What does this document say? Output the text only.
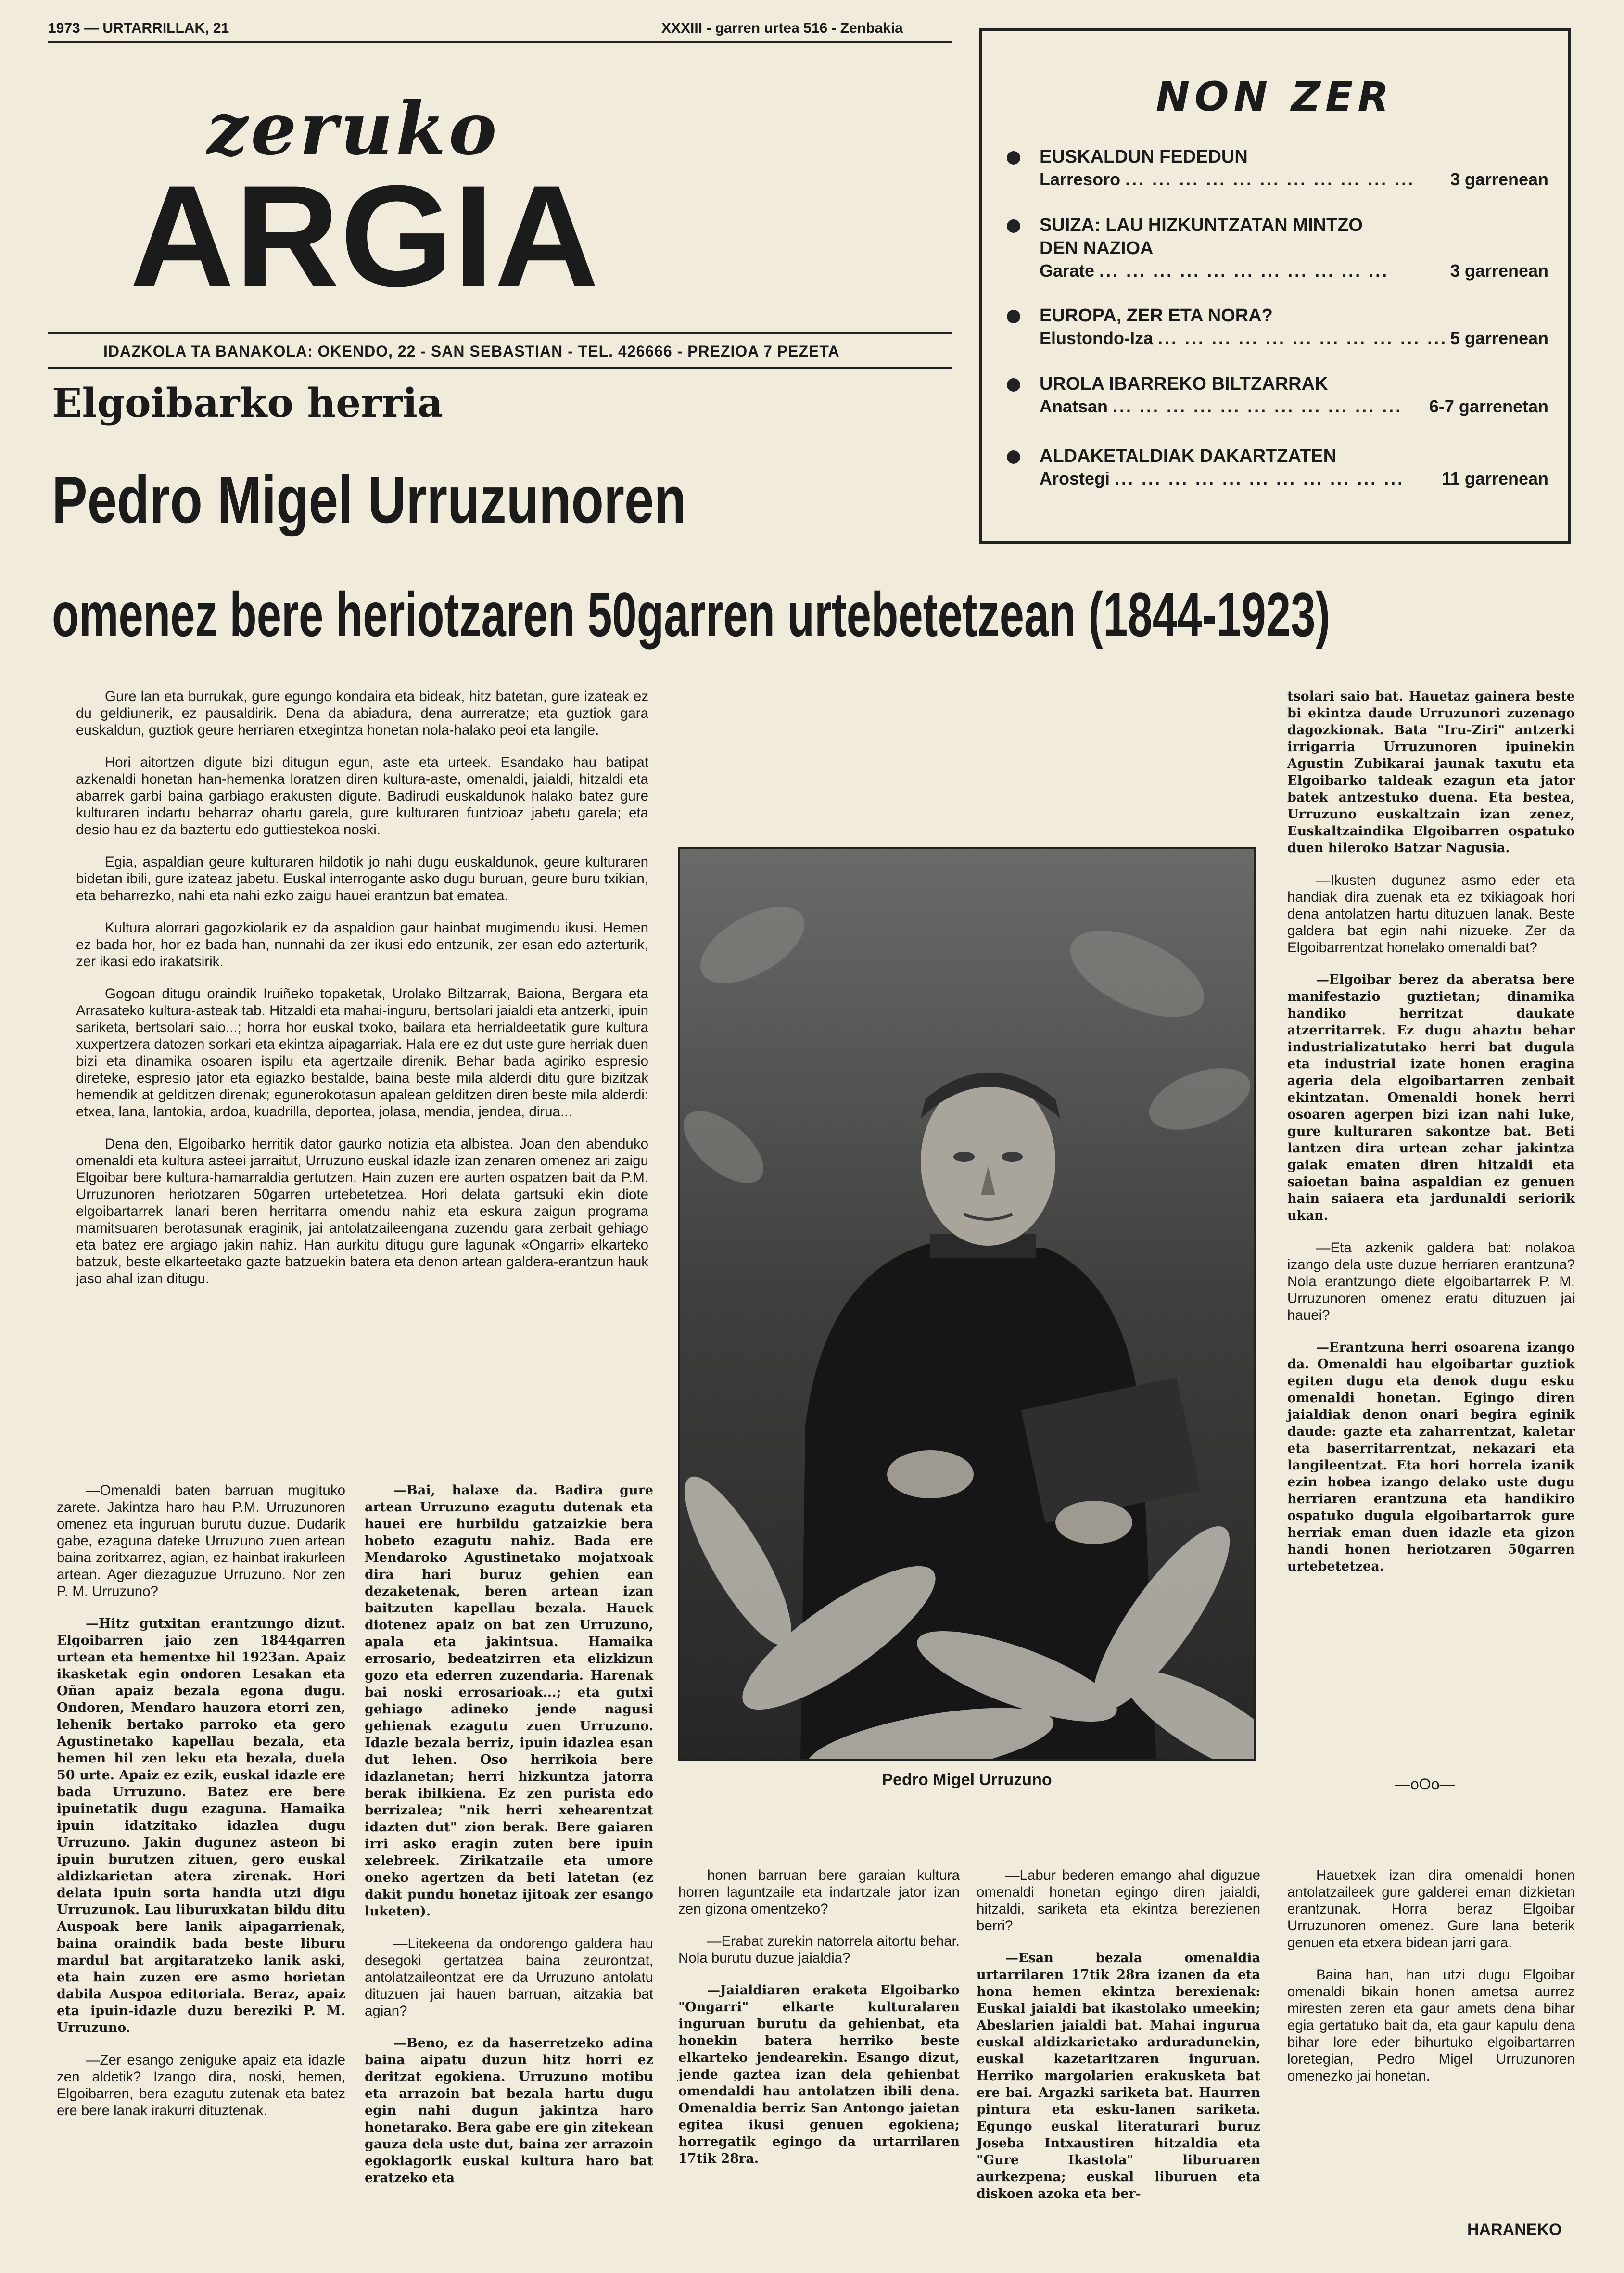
1973 — URTARRILLAK, 21	XXXIII - garren urtea 516 - Zenbakia
zeruko
ARGIA
IDAZKOLA TA BANAKOLA: OKENDO, 22 - SAN SEBASTIAN - TEL. 426666 - PREZIOA 7 PEZETA
Elgoibarko herria
Pedro Migel Urruzunoren
omenez bere heriotzaren 50garren urtebetetzean (1844-1923)
NON ZER
EUSKALDUN FEDEDUN
Larresoro ... ... ... ... ... ... ... ... ... ... ...	3 garrenean
SUIZA: LAU HIZKUNTZATAN MINTZO DEN NAZIOA
Garate ... ... ... ... ... ... ... ... ... ... ...	3 garrenean
EUROPA, ZER ETA NORA?
Elustondo-Iza ... ... ... ... ... ... ... ... ... ... ... 5 garrenean
UROLA IBARREKO BILTZARRAK
Anatsan ... ... ... ... ... ... ... ... ... ... ...	6-7 garrenetan
ALDAKETALDIAK DAKARTZATEN
Arostegi ... ... ... ... ... ... ... ... ... ... ...	11 garrenean

Gure lan eta burrukak, gure egungo kondaira eta bideak, hitz batetan, gure izateak ez du geldiunerik, ez pausaldirik. Dena da abiadura, dena aurreratze; eta guztiok gara euskaldun, guztiok geure herriaren etxegintza honetan nola-halako peoi eta langile.

Hori aitortzen digute bizi ditugun egun, aste eta urteek. Esandako hau batipat azkenaldi honetan han-hemenka loratzen diren kultura-aste, omenaldi, jaialdi, hitzaldi eta abarrek garbi baina garbiago erakusten digute. Badirudi euskaldunok halako batez gure kulturaren indartu beharraz ohartu garela, gure kulturaren funtzioaz jabetu garela; eta desio hau ez da baztertu edo guttiestekoa noski.

Egia, aspaldian geure kulturaren hildotik jo nahi dugu euskaldunok, geure kulturaren bidetan ibili, gure izateaz jabetu. Euskal interrogante asko dugu buruan, geure buru txikian, eta beharrezko, nahi eta nahi ezko zaigu hauei erantzun bat ematea.

Kultura alorrari gagozkiolarik ez da aspaldion gaur hainbat mugimendu ikusi. Hemen ez bada hor, hor ez bada han, nunnahi da zer ikusi edo entzunik, zer esan edo azterturik, zer ikasi edo irakatsirik.

Gogoan ditugu oraindik Iruiñeko topaketak, Urolako Biltzarrak, Baiona, Bergara eta Arrasateko kultura-asteak tab. Hitzaldi eta mahai-inguru, bertsolari jaialdi eta antzerki, ipuin sariketa, bertsolari saio...; horra hor euskal txoko, bailara eta herrialdeetatik gure kultura xuxpertzera datozen sorkari eta ekintza aipagarriak. Hala ere ez dut uste gure herriak duen bizi eta dinamika osoaren ispilu eta agertzaile direnik. Behar bada agiriko espresio direteke, espresio jator eta egiazko bestalde, baina beste mila alderdi ditu gure bizitzak hemendik at gelditzen direnak; egunerokotasun apalean gelditzen diren beste mila alderdi: etxea, lana, lantokia, ardoa, kuadrilla, deportea, jolasa, mendia, jendea, dirua...

Dena den, Elgoibarko herritik dator gaurko notizia eta albistea. Joan den abenduko omenaldi eta kultura asteei jarraitut, Urruzuno euskal idazle izan zenaren omenez ari zaigu Elgoibar bere kultura-hamarraldia gertutzen. Hain zuzen ere aurten ospatzen bait da P.M. Urruzunoren heriotzaren 50garren urtebetetzea. Hori delata gartsuki ekin diote elgoibartarrek lanari beren herritarra omendu nahiz eta eskura zaigun programa mamitsuaren berotasunak eraginik, jai antolatzaileengana zuzendu gara zerbait gehiago eta batez ere argiago jakin nahiz. Han aurkitu ditugu gure lagunak «Ongarri» elkarteko batzuk, beste elkarteetako gazte batzuekin batera eta denon artean galdera-erantzun hauk jaso ahal izan ditugu.

Pedro Migel Urruzuno

—Omenaldi baten barruan mugituko zarete. Jakintza haro hau P.M. Urruzunoren omenez eta inguruan burutu duzue. Dudarik gabe, ezaguna dateke Urruzuno zuen artean baina zoritxarrez, agian, ez hainbat irakurleen artean. Ager diezaguzue Urruzuno. Nor zen P. M. Urruzuno?

—Hitz gutxitan erantzungo dizut. Elgoibarren jaio zen 1844garren urtean eta hementxe hil 1923an. Apaiz ikasketak egin ondoren Lesakan eta Oñan apaiz bezala egona dugu. Ondoren, Mendaro hauzora etorri zen, lehenik bertako parroko eta gero Agustinetako kapellau bezala, eta hemen hil zen leku eta bezala, duela 50 urte. Apaiz ez ezik, euskal idazle ere bada Urruzuno. Batez ere bere ipuinetatik dugu ezaguna. Hamaika ipuin idatzitako idazlea dugu Urruzuno. Jakin dugunez asteon bi ipuin burutzen zituen, gero euskal aldizkarietan atera zirenak. Hori delata ipuin sorta handia utzi digu Urruzunok. Lau liburuxkatan bildu ditu Auspoak bere lanik aipagarrienak, baina oraindik bada beste liburu mardul bat argitaratzeko lanik aski, eta hain zuzen ere asmo horietan dabila Auspoa editoriala. Beraz, apaiz eta ipuin-idazle duzu bereziki P. M. Urruzuno.

—Zer esango zeniguke apaiz eta idazle zen aldetik? Izango dira, noski, hemen, Elgoibarren, bera ezagutu zutenak eta batez ere bere lanak irakurri dituztenak.

—Bai, halaxe da. Badira gure artean Urruzuno ezagutu dutenak eta hauei ere hurbildu gatzaizkie bera hobeto ezagutu nahiz. Bada ere Mendaroko Agustinetako mojatxoak dira hari buruz gehien ean dezaketenak, beren artean izan baitzuten kapellau bezala. Hauek diotenez apaiz on bat zen Urruzuno, apala eta jakintsua. Hamaika errosario, bedeatzirren eta elizkizun gozo eta ederren zuzendaria. Harenak bai noski errosarioak...; eta gutxi gehiago adineko jende nagusi gehienak ezagutu zuen Urruzuno. Idazle bezala berriz, ipuin idazlea esan dut lehen. Oso herrikoia bere idazlanetan; herri hizkuntza jatorra berak ibilkiena. Ez zen purista edo berrizalea; "nik herri xehearentzat idazten dut" zion berak. Bere gaiaren irri asko eragin zuten bere ipuin xelebreek. Zirikatzaile eta umore oneko agertzen da beti latetan (ez dakit pundu honetaz ijitoak zer esango luketen).

—Litekeena da ondorengo galdera hau desegoki gertatzea baina zeurontzat, antolatzaileontzat ere da Urruzuno antolatu dituzuen jai hauen barruan, aitzakia bat agian?

—Beno, ez da haserretzeko adina baina aipatu duzun hitz horri ez deritzat egokiena. Urruzuno motibu eta arrazoin bat bezala hartu dugu egin nahi dugun jakintza haro honetarako. Bera gabe ere gin zitekean gauza dela uste dut, baina zer arrazoin egokiagorik euskal kultura haro bat eratzeko eta

honen barruan bere garaian kultura horren laguntzaile eta indartzale jator izan zen gizona omentzeko?

—Erabat zurekin natorrela aitortu behar. Nola burutu duzue jaialdia?

—Jaialdiaren eraketa Elgoibarko "Ongarri" elkarte kulturalaren inguruan burutu da gehienbat, eta honekin batera herriko beste elkarteko jendearekin. Esango dizut, jende gaztea izan dela gehienbat omendaldi hau antolatzen ibili dena. Omenaldia berriz San Antongo jaietan egitea ikusi genuen egokiena; horregatik egingo da urtarrilaren 17tik 28ra.

—Labur bederen emango ahal diguzue omenaldi honetan egingo diren jaialdi, hitzaldi, sariketa eta ekintza berezienen berri?

—Esan bezala omenaldia urtarrilaren 17tik 28ra izanen da eta hona hemen ekintza berexienak: Euskal jaialdi bat ikastolako umeekin; Abeslarien jaialdi bat. Mahai ingurua euskal aldizkarietako arduradunekin, euskal kazetaritzaren inguruan. Herriko margolarien erakusketa bat ere bai. Argazki sariketa bat. Haurren pintura eta esku-lanen sariketa. Egungo euskal literaturari buruz Joseba Intxaustiren hitzaldia eta "Gure Ikastola" liburuaren aurkezpena; euskal liburuen eta diskoen azoka eta ber-

tsolari saio bat. Hauetaz gainera beste bi ekintza daude Urruzunori zuzenago dagozkionak. Bata "Iru-Ziri" antzerki irrigarria Urruzunoren ipuinekin Agustin Zubikarai jaunak taxutu eta Elgoibarko taldeak ezagun eta jator batek antzestuko duena. Eta bestea, Urruzuno euskaltzain izan zenez, Euskaltzaindika Elgoibarren ospatuko duen hileroko Batzar Nagusia.

—Ikusten dugunez asmo eder eta handiak dira zuenak eta ez txikiagoak hori dena antolatzen hartu dituzuen lanak. Beste galdera bat egin nahi nizueke. Zer da Elgoibarrentzat honelako omenaldi bat?

—Elgoibar berez da aberatsa bere manifestazio guztietan; dinamika handiko herritzat daukate atzerritarrek. Ez dugu ahaztu behar industrializatutako herri bat dugula eta industrial izate honen eragina ageria dela elgoibartarren zenbait ekintzatan. Omenaldi honek herri osoaren agerpen bizi izan nahi luke, gure kulturaren sakontze bat. Beti lantzen dira urtean zehar jakintza gaiak ematen diren hitzaldi eta saioetan baina aspaldian ez genuen hain saiaera eta jardunaldi seriorik ukan.

—Eta azkenik galdera bat: nolakoa izango dela uste duzue herriaren erantzuna? Nola erantzungo diete elgoibartarrek P. M. Urruzunoren omenez eratu dituzuen jai hauei?

—Erantzuna herri osoarena izango da. Omenaldi hau elgoibartar guztiok egiten dugu eta denok dugu esku omenaldi honetan. Egingo diren jaialdiak denon onari begira eginik daude: gazte eta zaharrentzat, kaletar eta baserritarrentzat, nekazari eta langileentzat. Eta hori horrela izanik ezin hobea izango delako uste dugu herriaren erantzuna eta handikiro ospatuko dugula elgoibartarrok gure herriak eman duen idazle eta gizon handi honen heriotzaren 50garren urtebetetzea.

—oOo—

Hauetxek izan dira omenaldi honen antolatzaileek gure galderei eman dizkietan erantzunak. Horra beraz Elgoibar Urruzunoren omenez. Gure lana beterik genuen eta etxera bidean jarri gara.

Baina han, han utzi dugu Elgoibar omenaldi bikain honen ametsa aurrez miresten zeren eta gaur amets dena bihar egia gertatuko bait da, eta gaur kapulu dena bihar lore eder bihurtuko elgoibartarren loretegian, Pedro Migel Urruzunoren omenezko jai honetan.

HARANEKO
